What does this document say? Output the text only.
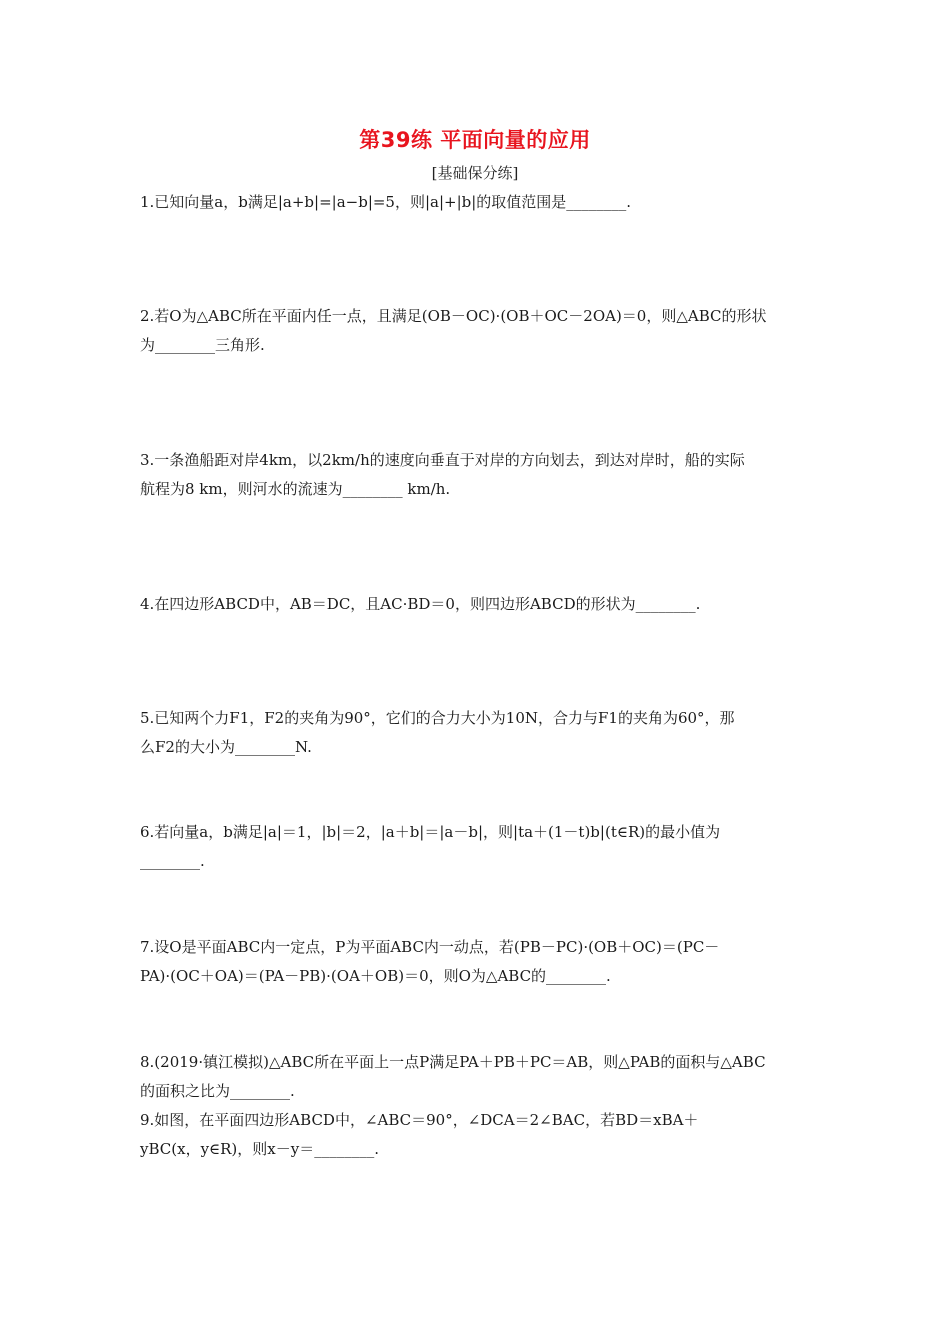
第39练 平面向量的应用
[基础保分练]
1.已知向量a，b满足|a+b|=|a−b|=5，则|a|+|b|的取值范围是________.
2.若O为△ABC所在平面内任一点，且满足(OB－OC)·(OB＋OC－2OA)＝0，则△ABC的形状
为________三角形.
3.一条渔船距对岸4km，以2km/h的速度向垂直于对岸的方向划去，到达对岸时，船的实际
航程为8 km，则河水的流速为________ km/h.
4.在四边形ABCD中，AB＝DC，且AC·BD＝0，则四边形ABCD的形状为________.
5.已知两个力F1，F2的夹角为90°，它们的合力大小为10N，合力与F1的夹角为60°，那
么F2的大小为________N.
6.若向量a，b满足|a|＝1，|b|＝2，|a＋b|＝|a－b|，则|ta＋(1－t)b|(t∈R)的最小值为
________.
7.设O是平面ABC内一定点，P为平面ABC内一动点，若(PB－PC)·(OB＋OC)＝(PC－
PA)·(OC＋OA)＝(PA－PB)·(OA＋OB)＝0，则O为△ABC的________.
8.(2019·镇江模拟)△ABC所在平面上一点P满足PA＋PB＋PC＝AB，则△PAB的面积与△ABC
的面积之比为________.
9.如图，在平面四边形ABCD中，∠ABC＝90°，∠DCA＝2∠BAC，若BD＝xBA＋
yBC(x，y∈R)，则x－y＝________.
